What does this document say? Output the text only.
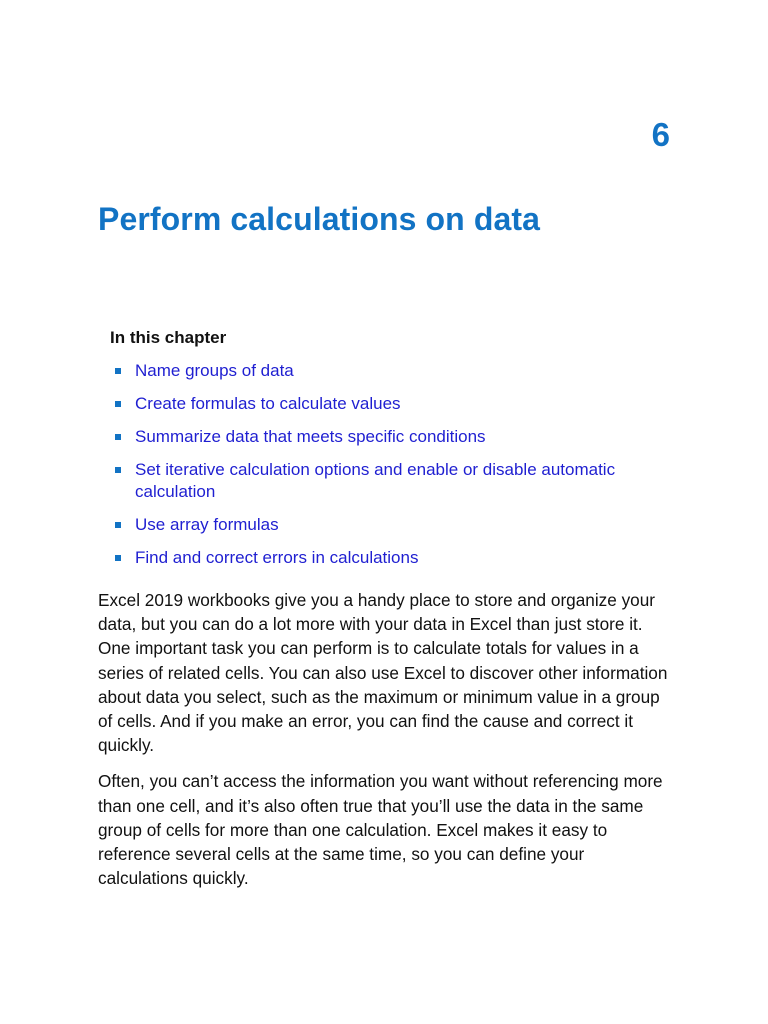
6
Perform calculations on data
In this chapter
Name groups of data
Create formulas to calculate values
Summarize data that meets specific conditions
Set iterative calculation options and enable or disable automatic calculation
Use array formulas
Find and correct errors in calculations

Excel 2019 workbooks give you a handy place to store and organize your data, but you can do a lot more with your data in Excel than just store it. One important task you can perform is to calculate totals for values in a series of related cells. You can also use Excel to discover other information about data you select, such as the maximum or minimum value in a group of cells. And if you make an error, you can find the cause and correct it quickly.

Often, you can’t access the information you want without referencing more than one cell, and it’s also often true that you’ll use the data in the same group of cells for more than one calculation. Excel makes it easy to reference several cells at the same time, so you can define your calculations quickly.
